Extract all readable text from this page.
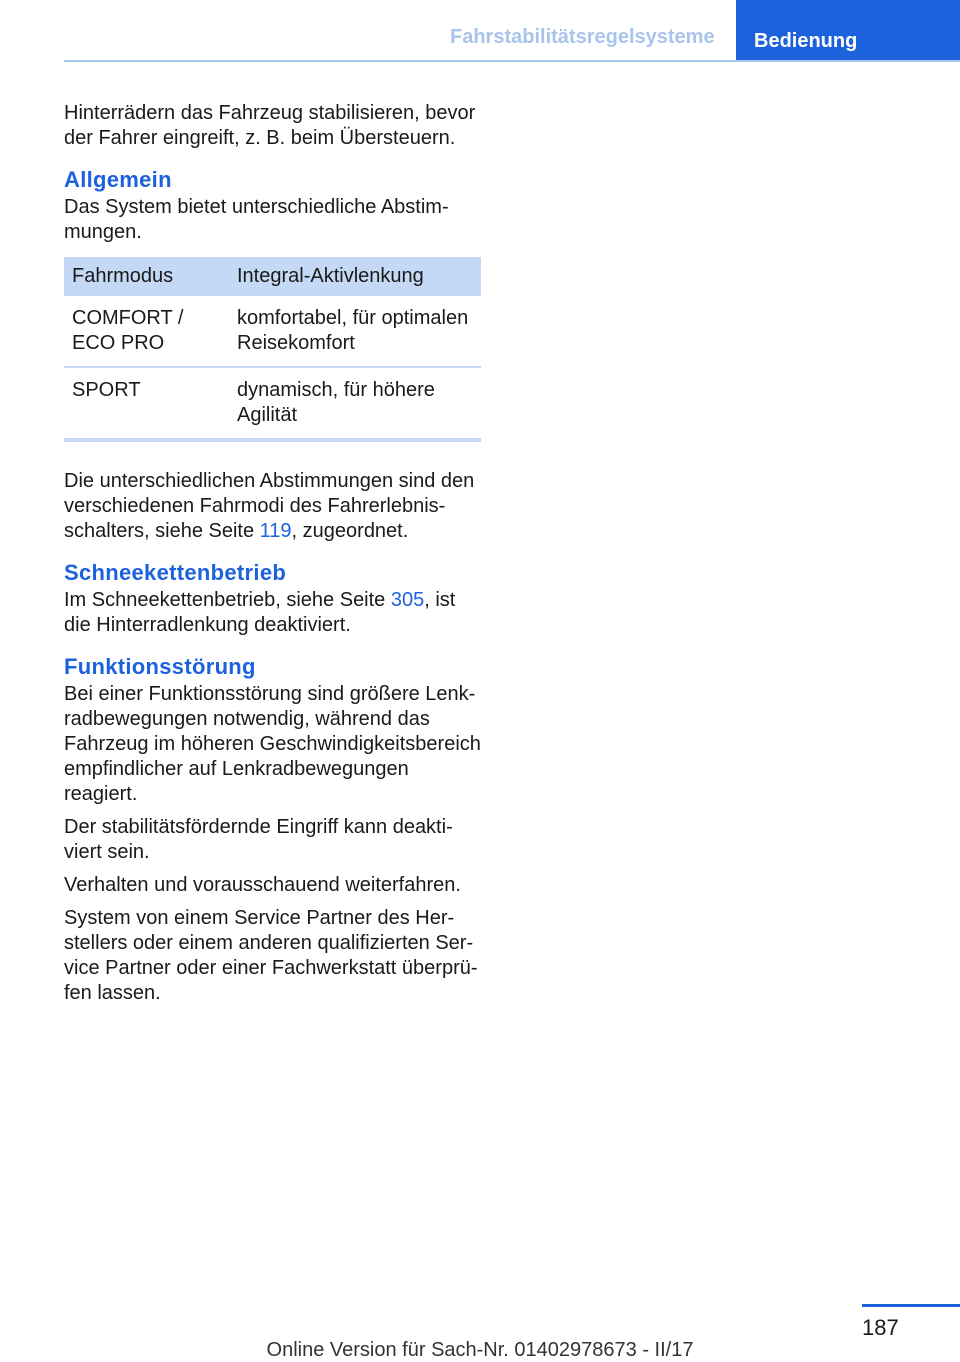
Fahrstabilitätsregelsysteme	Bedienung

Hinterrädern das Fahrzeug stabilisieren, bevor der Fahrer eingreift, z. B. beim Übersteuern.

Allgemein

Das System bietet unterschiedliche Abstimmungen.

Fahrmodus	Integral-Aktivlenkung
COMFORT / ECO PRO	komfortabel, für optimalen Reisekomfort
SPORT	dynamisch, für höhere Agilität

Die unterschiedlichen Abstimmungen sind den verschiedenen Fahrmodi des Fahrerlebnisschalters, siehe Seite 119, zugeordnet.

Schneekettenbetrieb

Im Schneekettenbetrieb, siehe Seite 305, ist die Hinterradlenkung deaktiviert.

Funktionsstörung

Bei einer Funktionsstörung sind größere Lenkradbewegungen notwendig, während das Fahrzeug im höheren Geschwindigkeitsbereich empfindlicher auf Lenkradbewegungen reagiert.

Der stabilitätsfördernde Eingriff kann deaktiviert sein.

Verhalten und vorausschauend weiterfahren.

System von einem Service Partner des Herstellers oder einem anderen qualifizierten Service Partner oder einer Fachwerkstatt überprüfen lassen.

187
Online Version für Sach-Nr. 01402978673 - II/17
